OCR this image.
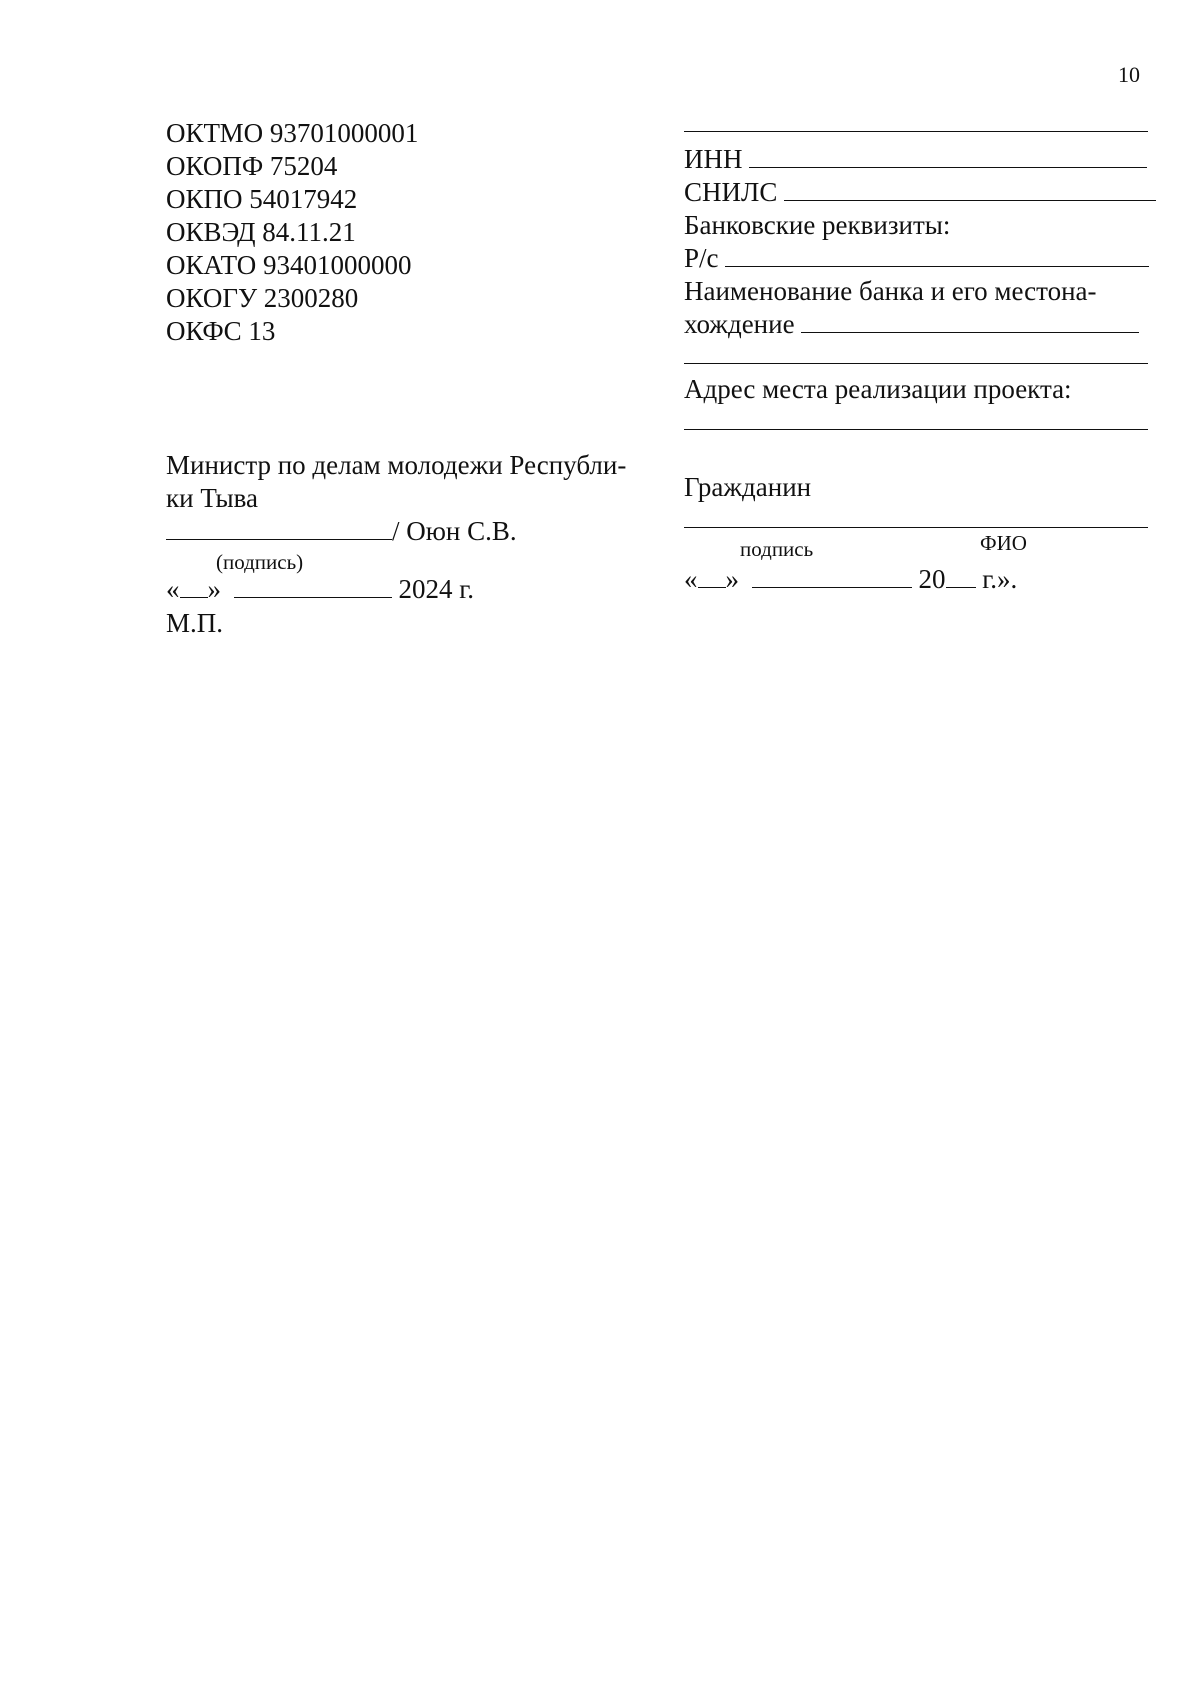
10
ОКТМО 93701000001
ОКОПФ 75204
ОКПО 54017942
ОКВЭД 84.11.21
ОКАТО 93401000000
ОКОГУ 2300280
ОКФС 13
Министр по делам молодежи Республи-
ки Тыва
/ Оюн С.В.
(подпись)
« »	2024 г.
М.П.
ИНН
СНИЛС
Банковские реквизиты:
Р/с
Наименование банка и его местона-
хождение
Адрес места реализации проекта:
Гражданин
подпись	ФИО
« »	20 г.».
